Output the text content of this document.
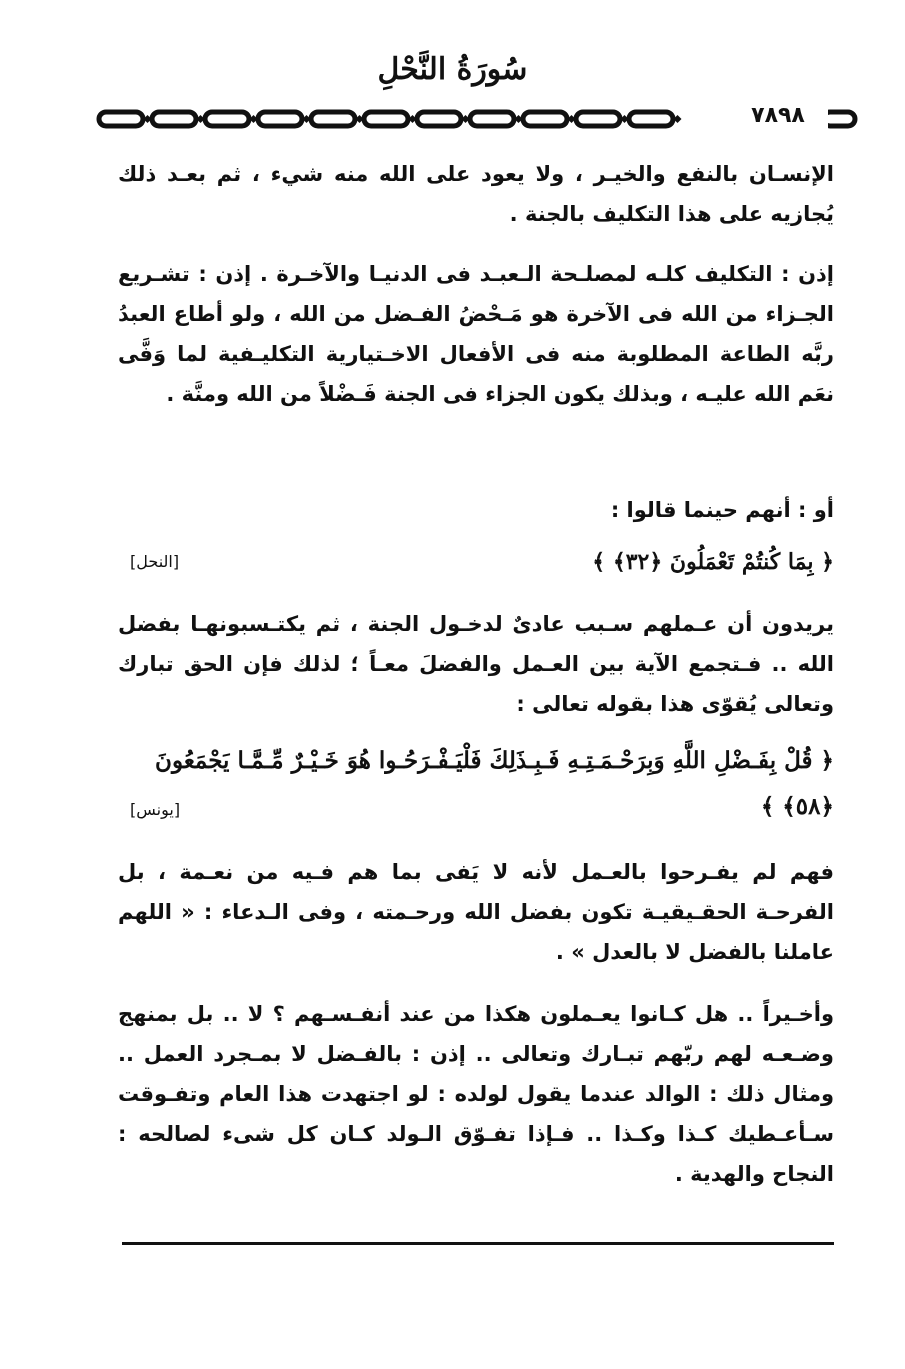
سُورَةُ النَّحْلِ
٧٨٩٨
الإنسـان بالنفع والخيـر ، ولا يعود على الله منه شيء ، ثم بعـد ذلك يُجازيه على هذا التكليف بالجنة .
إذن : التكليف كلـه لمصلـحة الـعبـد فى الدنيـا والآخـرة . إذن : تشـريع الجـزاء من الله فى الآخرة هو مَـحْضُ الفـضل من الله ، ولو أطاع العبدُ ربَّه الطاعة المطلوبة منه فى الأفعال الاخـتيارية التكليـفية لما وَفَّى نعَم الله عليـه ، وبذلك يكون الجزاء فى الجنة فَـضْلاً من الله ومنَّة .
أو : أنهم حينما قالوا :
﴿ بِمَا كُنتُمْ تَعْمَلُونَ ﴿٣٢﴾ ﴾
[النحل]
يريدون أن عـملهم سـبب عادىٌ لدخـول الجنة ، ثم يكتـسبونهـا بفضل الله .. فـتجمع الآية بين العـمل والفضلَ معـاً ؛ لذلك فإن الحق تبارك وتعالى يُقوّى هذا بقوله تعالى :
﴿ قُلْ بِفَـضْلِ اللَّهِ وَبِرَحْـمَـتِـهِ فَـبِـذَلِكَ فَلْيَـفْـرَحُـوا هُوَ خَـيْـرٌ مِّـمَّـا يَجْمَعُونَ ﴿٥٨﴾ ﴾
[يونس]
فهم لم يفـرحوا بالعـمل لأنه لا يَفى بما هم فـيه من نعـمة ، بل الفرحـة الحقـيقيـة تكون بفضل الله ورحـمته ، وفى الـدعاء : « اللهم عاملنا بالفضل لا بالعدل » .
وأخـيراً .. هل كـانوا يعـملون هكذا من عند أنفـسـهم ؟ لا .. بل بمنهج وضـعـه لهم ربّهم تبـارك وتعالى .. إذن : بالفـضل لا بمـجرد العمل .. ومثال ذلك : الوالد عندما يقول لولده : لو اجتهدت هذا العام وتفـوقت سـأعـطيك كـذا وكـذا .. فـإذا تفـوّق الـولد كـان كل شىء لصالحه : النجاح والهدية .
